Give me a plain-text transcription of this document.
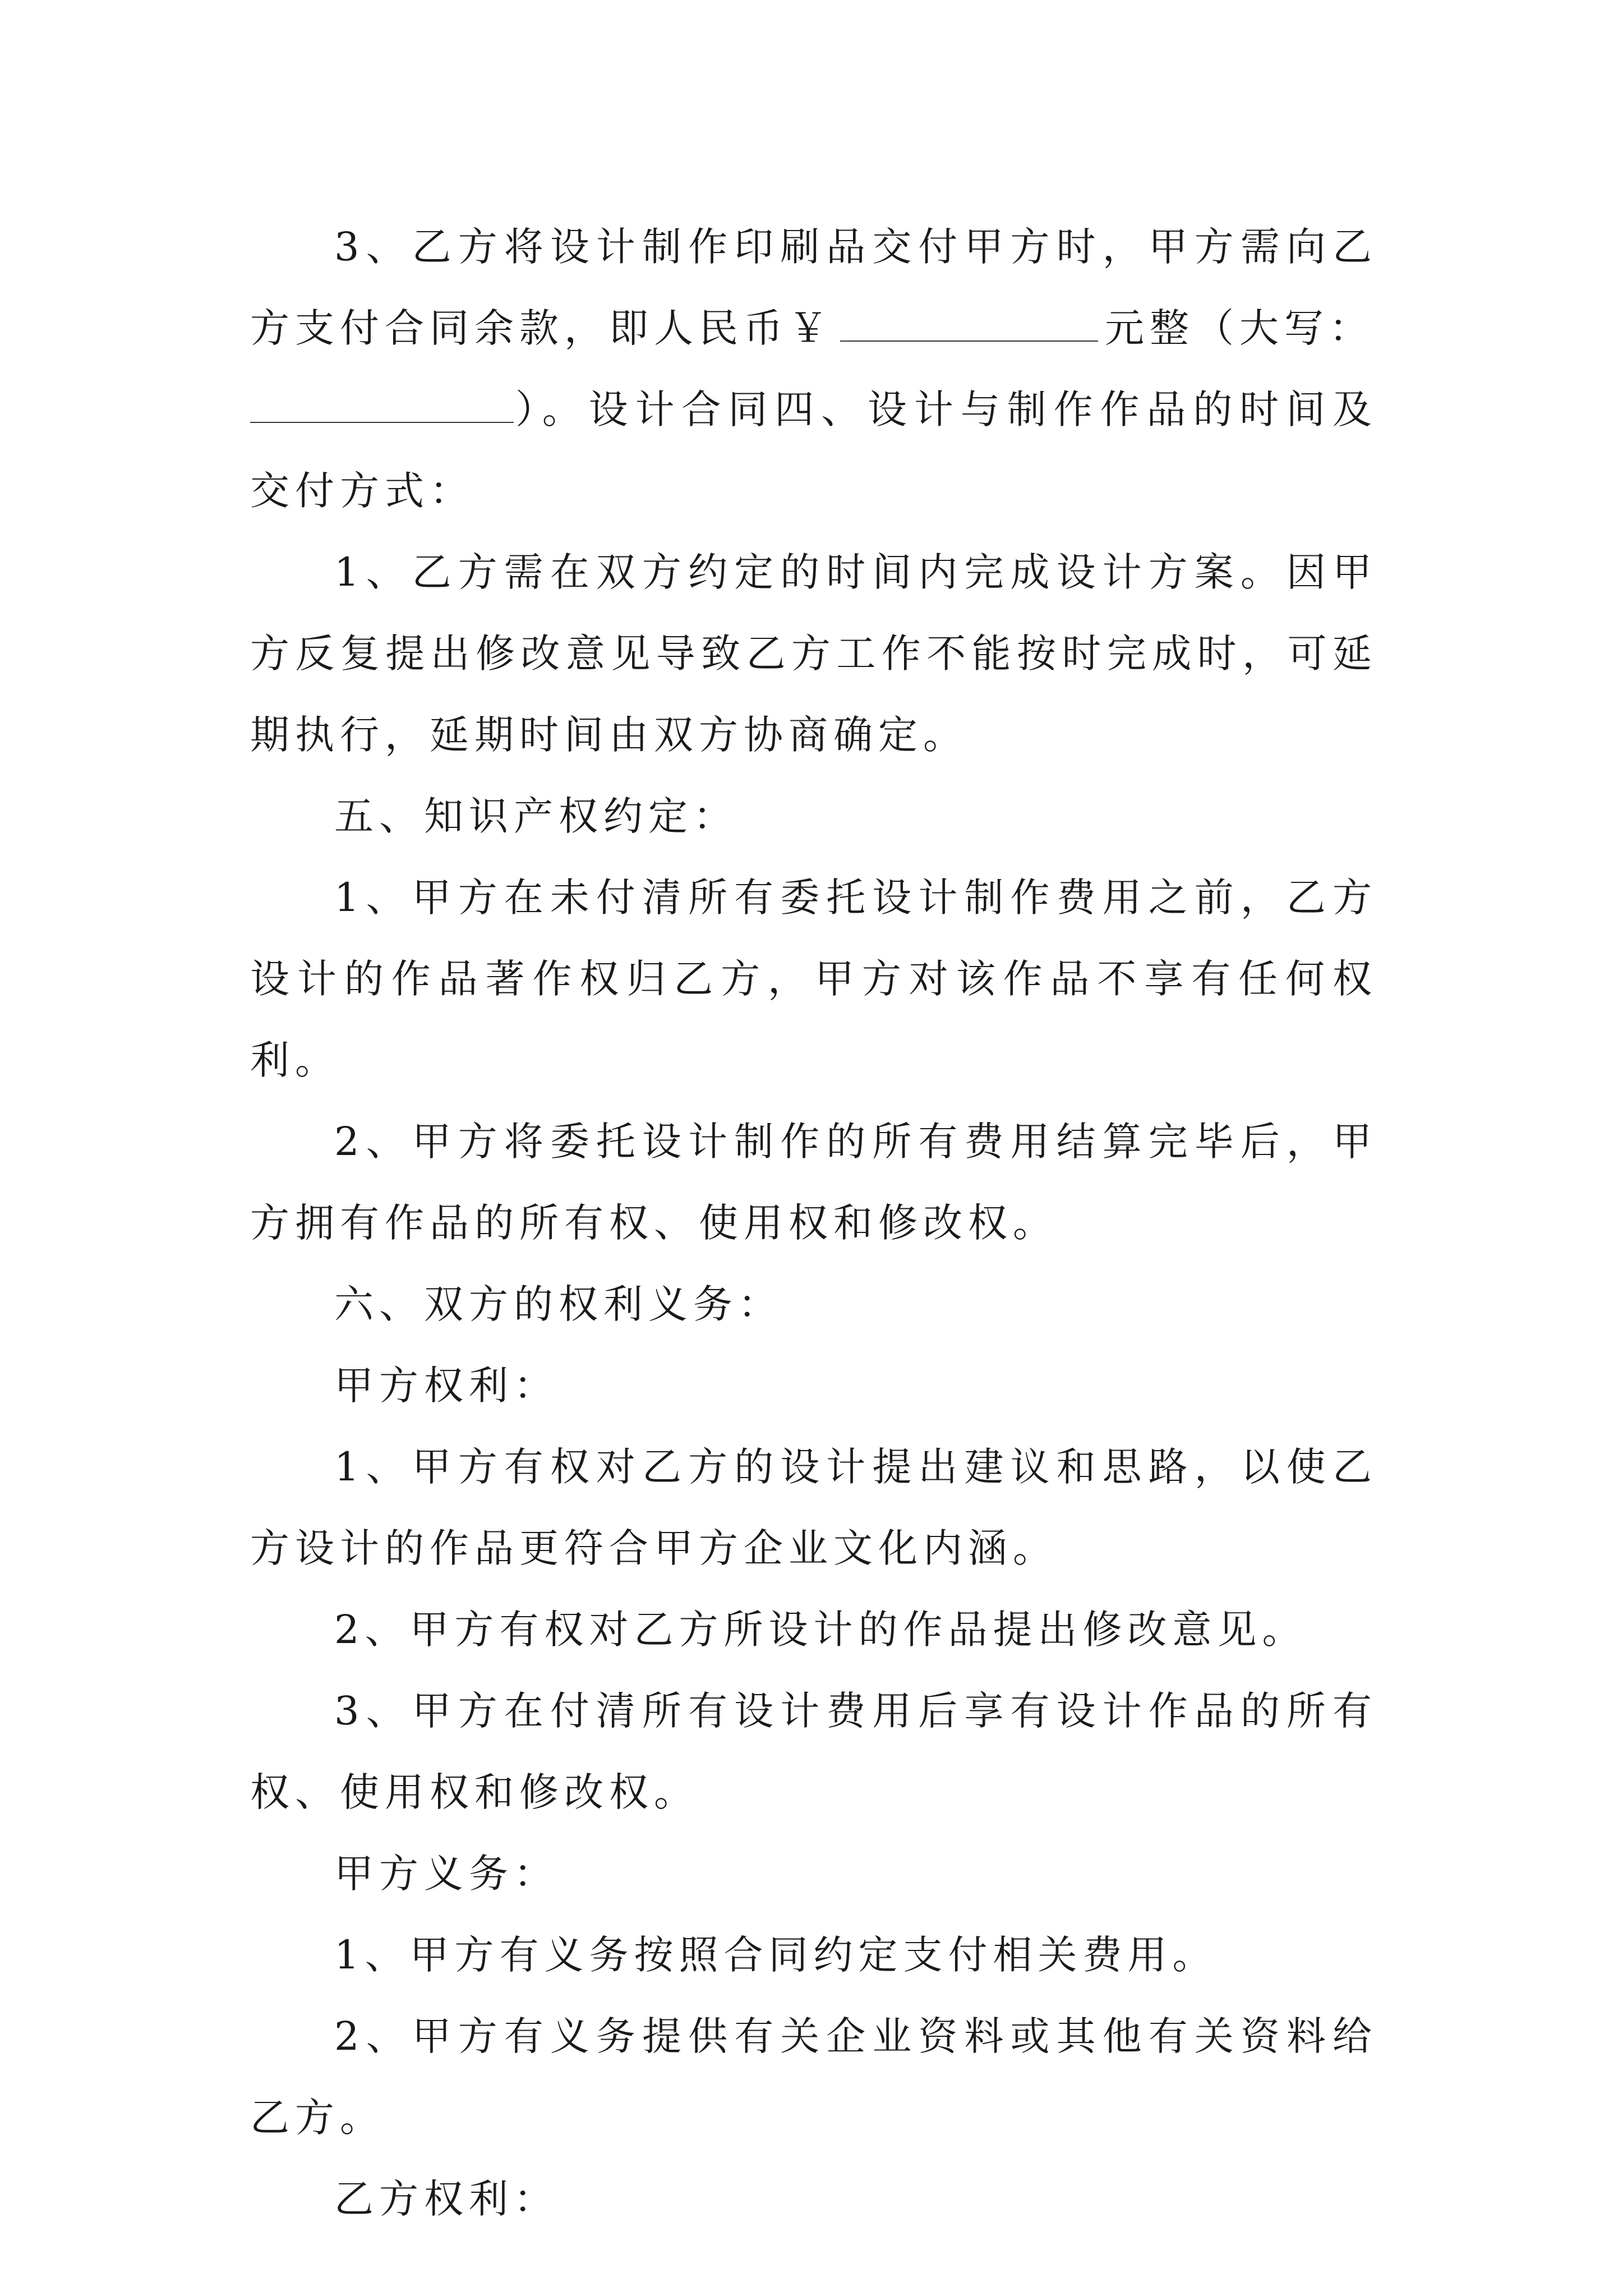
3、乙方将设计制作印刷品交付甲方时，甲方需向乙方支付合同余款，即人民币￥	元整（大写：
）。设计合同四、设计与制作作品的时间及交付方式：

1、乙方需在双方约定的时间内完成设计方案。因甲方反复提出修改意见导致乙方工作不能按时完成时，可延期执行，延期时间由双方协商确定。

五、知识产权约定：

1、甲方在未付清所有委托设计制作费用之前，乙方设计的作品著作权归乙方，甲方对该作品不享有任何权利。

2、甲方将委托设计制作的所有费用结算完毕后，甲方拥有作品的所有权、使用权和修改权。

六、双方的权利义务：

甲方权利：

1、甲方有权对乙方的设计提出建议和思路，以使乙方设计的作品更符合甲方企业文化内涵。

2、甲方有权对乙方所设计的作品提出修改意见。

3、甲方在付清所有设计费用后享有设计作品的所有权、使用权和修改权。

甲方义务：

1、甲方有义务按照合同约定支付相关费用。

2、甲方有义务提供有关企业资料或其他有关资料给乙方。

乙方权利：
